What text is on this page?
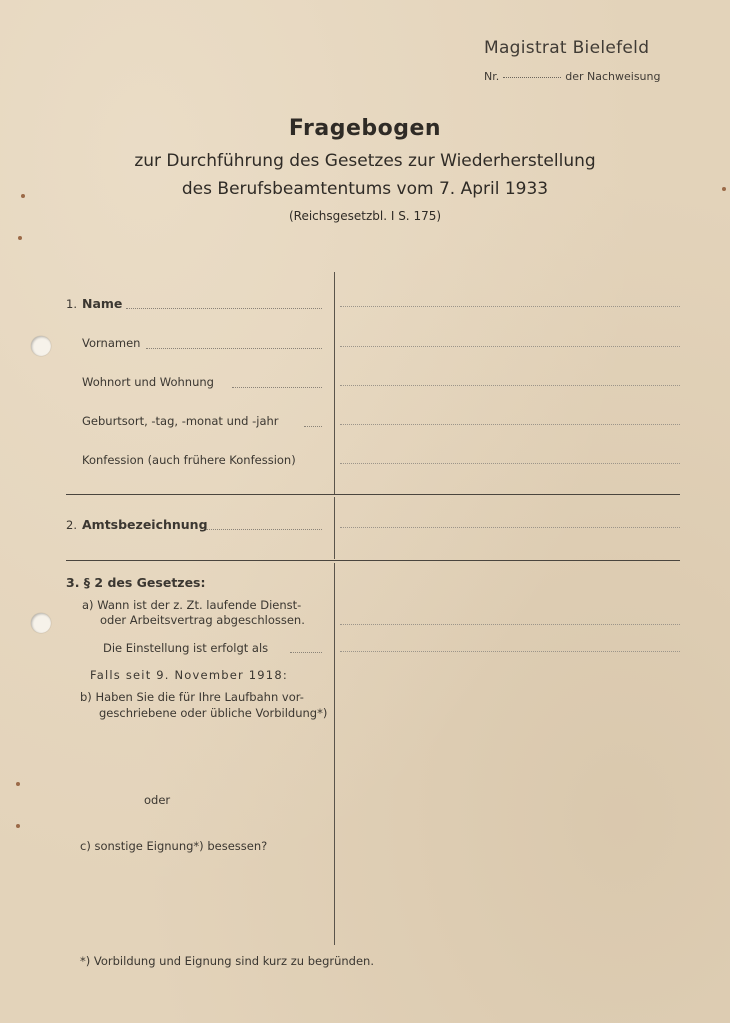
Magistrat Bielefeld
Nr.	der Nachweisung
Fragebogen
zur Durchführung des Gesetzes zur Wiederherstellung
des Berufsbeamtentums vom 7. April 1933
(Reichsgesetzbl. I S. 175)
1. Name
Vornamen
Wohnort und Wohnung
Geburtsort, -tag, -monat und -jahr
Konfession (auch frühere Konfession)
2. Amtsbezeichnung
3. § 2 des Gesetzes:
a) Wann ist der z. Zt. laufende Dienst-
oder Arbeitsvertrag abgeschlossen.
Die Einstellung ist erfolgt als
Falls seit 9. November 1918:
b) Haben Sie die für Ihre Laufbahn vor-
geschriebene oder übliche Vorbildung*)
oder
c) sonstige Eignung*) besessen?
*) Vorbildung und Eignung sind kurz zu begründen.
